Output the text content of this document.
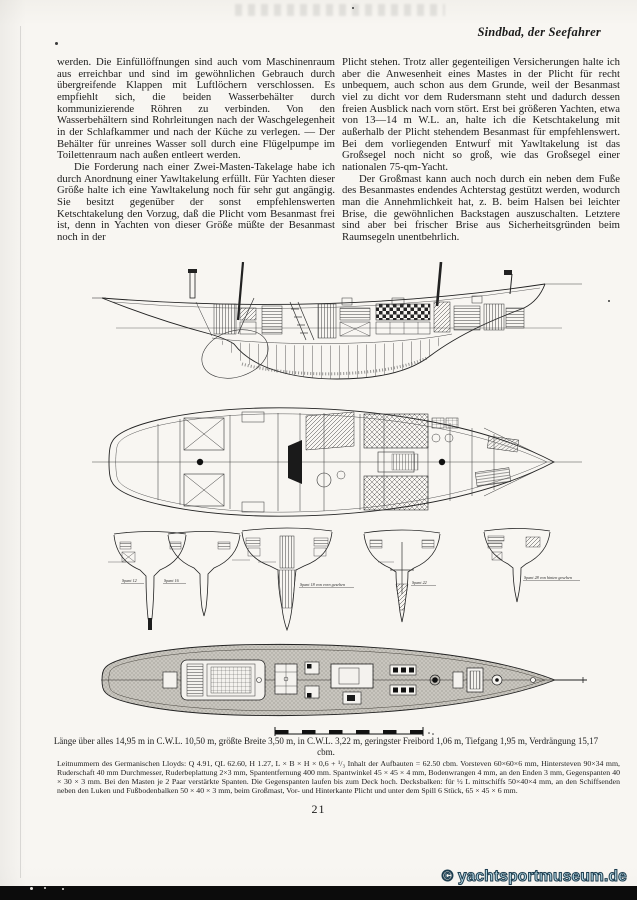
Sindbad, der Seefahrer

werden. Die Einfüllöffnungen sind auch vom Maschinenraum aus erreichbar und sind im gewöhnlichen Gebrauch durch übergreifende Klappen mit Luftlöchern verschlossen. Es empfiehlt sich, die beiden Wasserbehälter durch kommunizierende Röhren zu verbinden. Von den Wasserbehältern sind Rohrleitungen nach der Waschgelegenheit in der Schlafkammer und nach der Küche zu verlegen. — Der Behälter für unreines Wasser soll durch eine Flügelpumpe im Toilettenraum nach außen entleert werden.

Die Forderung nach einer Zwei-Masten-Takelage habe ich durch Anordnung einer Yawltakelung erfüllt. Für Yachten dieser Größe halte ich eine Yawltakelung noch für sehr gut angängig. Sie besitzt gegenüber der sonst empfehlenswerten Ketschtakelung den Vorzug, daß die Plicht vom Besanmast frei ist, denn in Yachten von dieser Größe müßte der Besanmast noch in der

Plicht stehen. Trotz aller gegenteiligen Versicherungen halte ich aber die Anwesenheit eines Mastes in der Plicht für recht unbequem, auch schon aus dem Grunde, weil der Besanmast viel zu dicht vor dem Rudersmann steht und dadurch dessen freien Ausblick nach vorn stört. Erst bei größeren Yachten, etwa von 13—14 m W.L. an, halte ich die Ketschtakelung mit außerhalb der Plicht stehendem Besanmast für empfehlenswert. Bei dem vorliegenden Entwurf mit Yawltakelung ist das Großsegel noch nicht so groß, wie das Großsegel einer nationalen 75-qm-Yacht.

Der Großmast kann auch noch durch ein neben dem Fuße des Besanmastes endendes Achterstag gestützt werden, wodurch man die Annehmlichkeit hat, z. B. beim Halsen bei leichter Brise, die gewöhnlichen Backstagen auszuschalten. Letztere sind aber bei frischer Brise aus Sicherheitsgründen beim Raumsegeln unentbehrlich.

Spant 12	Spant 16
Spant 18 von vorn gesehen	Spant 22
Spant 28 von hinten gesehen
Länge über alles 14,95 m in C.W.L. 10,50 m, größte Breite 3,50 m, in C.W.L. 3,22 m, geringster Freibord 1,06 m, Tiefgang 1,95 m, Verdrängung 15,17 cbm.
Leitnummern des Germanischen Lloyds: Q 4.91, QL 62.60, H 1.27, L × B × H × 0,6 + ¹/₃ Inhalt der Aufbauten = 62.50 cbm. Vorsteven 60×60×6 mm, Hintersteven 90×34 mm, Ruderschaft 40 mm Durchmesser, Ruderbeplattung 2×3 mm, Spantentfernung 400 mm. Spantwinkel 45 × 45 × 4 mm, Bodenwrangen 4 mm, an den Enden 3 mm, Gegenspanten 40 × 30 × 3 mm. Bei den Masten je 2 Paar verstärkte Spanten. Die Gegenspanten laufen bis zum Deck hoch. Decksbalken: für ½ L mittschiffs 50×40×4 mm, an den Schiffsenden neben den Luken und Fußbodenbalken 50 × 40 × 3 mm, beim Großmast, Vor- und Hinterkante Plicht und unter dem Spill 6 Stück, 65 × 45 × 6 mm.
21
© yachtsportmuseum.de
